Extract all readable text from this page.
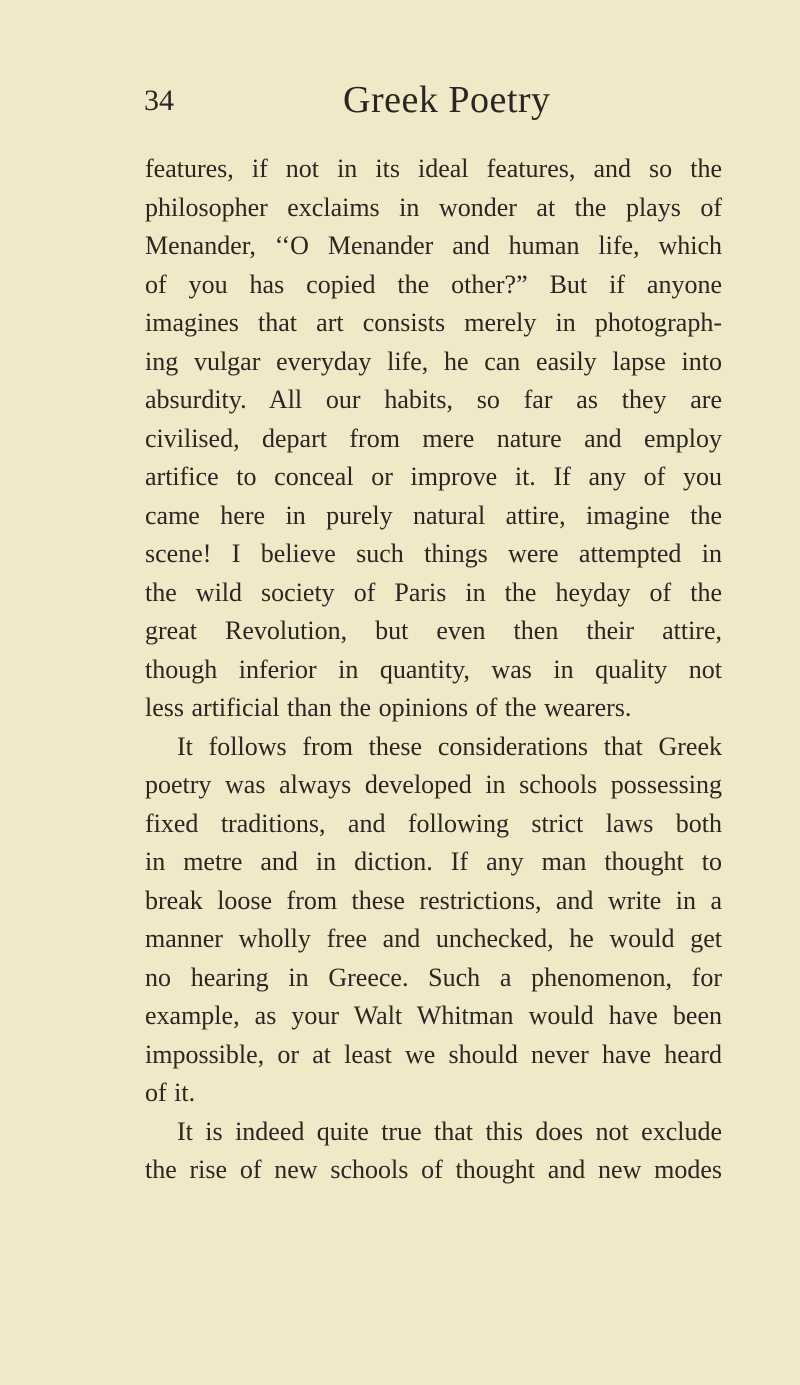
34	Greek Poetry
features, if not in its ideal features, and so the
philosopher exclaims in wonder at the plays of
Menander, ‘‘O Menander and human life, which
of you has copied the other?” But if anyone
imagines that art consists merely in photograph-
ing vulgar everyday life, he can easily lapse into
absurdity. All our habits, so far as they are
civilised, depart from mere nature and employ
artifice to conceal or improve it. If any of you
came here in purely natural attire, imagine the
scene! I believe such things were attempted in
the wild society of Paris in the heyday of the
great Revolution, but even then their attire,
though inferior in quantity, was in quality not
less artificial than the opinions of the wearers.
It follows from these considerations that Greek
poetry was always developed in schools possessing
fixed traditions, and following strict laws both
in metre and in diction. If any man thought to
break loose from these restrictions, and write in a
manner wholly free and unchecked, he would get
no hearing in Greece. Such a phenomenon, for
example, as your Walt Whitman would have been
impossible, or at least we should never have heard
of it.
It is indeed quite true that this does not exclude
the rise of new schools of thought and new modes
